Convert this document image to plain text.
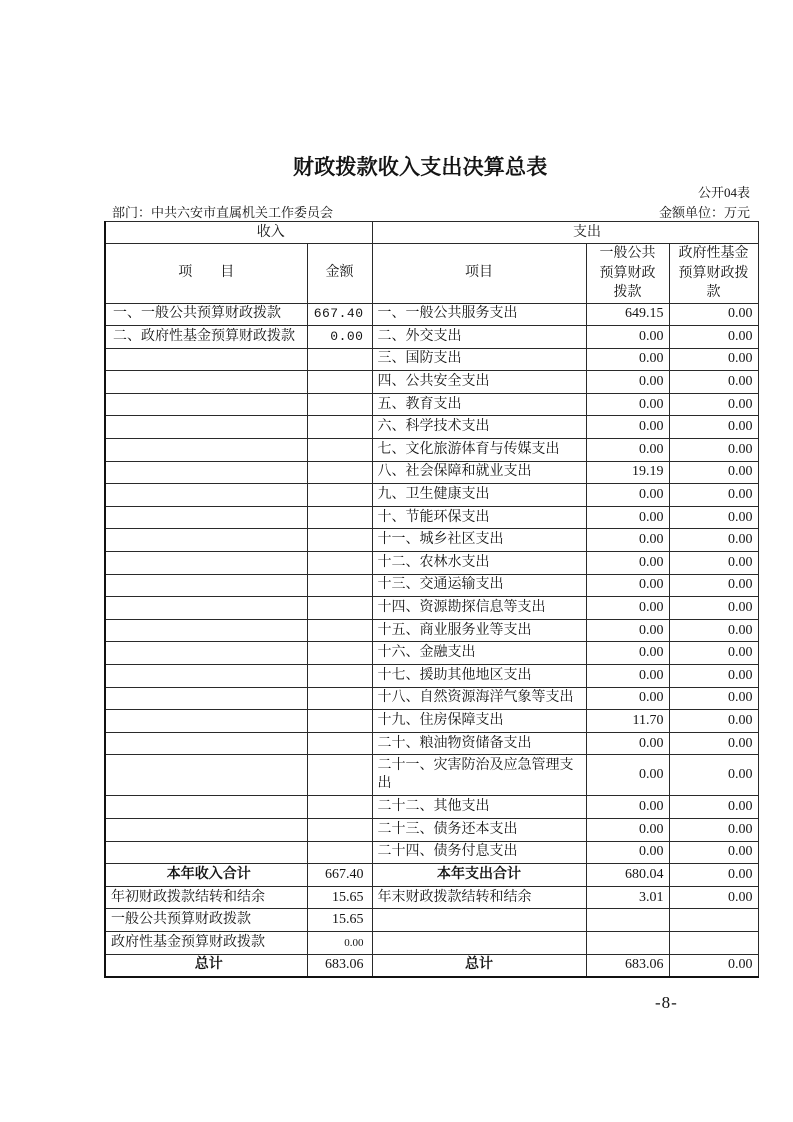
财政拨款收入支出决算总表
公开04表
部门：中共六安市直属机关工作委员会	金额单位：万元
收入		支出		
项　　目	金额	项目	一般公共预算财政拨款	政府性基金预算财政拨款
一、一般公共预算财政拨款	667.40	一、一般公共服务支出	649.15	0.00
二、政府性基金预算财政拨款	0.00	二、外交支出	0.00	0.00
		三、国防支出	0.00	0.00
		四、公共安全支出	0.00	0.00
		五、教育支出	0.00	0.00
		六、科学技术支出	0.00	0.00
		七、文化旅游体育与传媒支出	0.00	0.00
		八、社会保障和就业支出	19.19	0.00
		九、卫生健康支出	0.00	0.00
		十、节能环保支出	0.00	0.00
		十一、城乡社区支出	0.00	0.00
		十二、农林水支出	0.00	0.00
		十三、交通运输支出	0.00	0.00
		十四、资源勘探信息等支出	0.00	0.00
		十五、商业服务业等支出	0.00	0.00
		十六、金融支出	0.00	0.00
		十七、援助其他地区支出	0.00	0.00
		十八、自然资源海洋气象等支出	0.00	0.00
		十九、住房保障支出	11.70	0.00
		二十、粮油物资储备支出	0.00	0.00
		二十一、灾害防治及应急管理支出	0.00	0.00
		二十二、其他支出	0.00	0.00
		二十三、债务还本支出	0.00	0.00
		二十四、债务付息支出	0.00	0.00
本年收入合计	667.40	本年支出合计	680.04	0.00
年初财政拨款结转和结余	15.65	年末财政拨款结转和结余	3.01	0.00
一般公共预算财政拨款	15.65			
政府性基金预算财政拨款	0.00			
总计	683.06	总计	683.06	0.00
-8-
